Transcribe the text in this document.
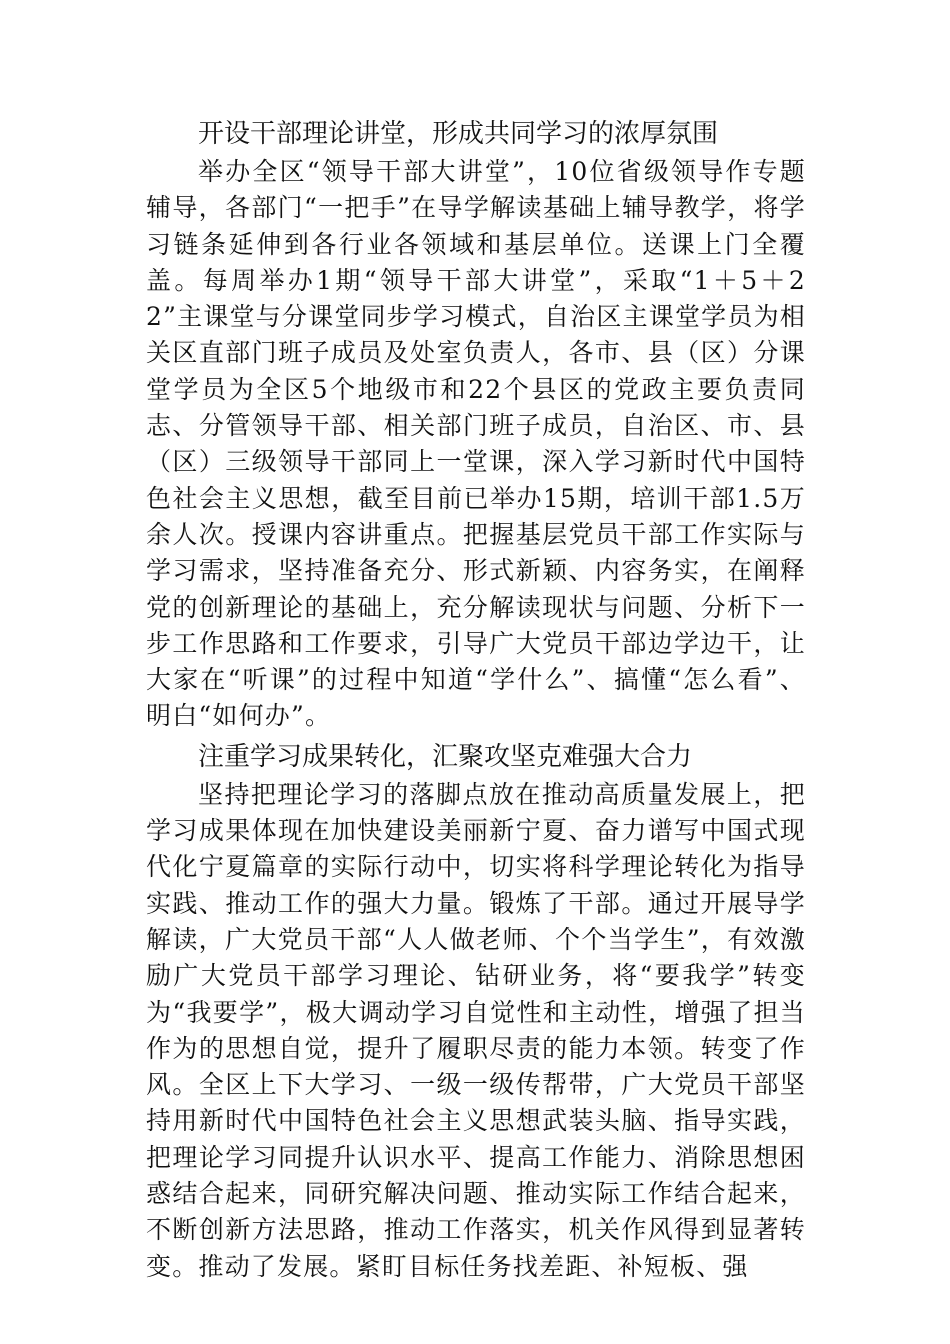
开设干部理论讲堂，形成共同学习的浓厚氛围

举办全区“领导干部大讲堂”，10位省级领导作专题辅导，各部门“一把手”在导学解读基础上辅导教学，将学习链条延伸到各行业各领域和基层单位。送课上门全覆盖。每周举办1期“领导干部大讲堂”，采取“1＋5＋22”主课堂与分课堂同步学习模式，自治区主课堂学员为相关区直部门班子成员及处室负责人，各市、县（区）分课堂学员为全区5个地级市和22个县区的党政主要负责同志、分管领导干部、相关部门班子成员，自治区、市、县（区）三级领导干部同上一堂课，深入学习新时代中国特色社会主义思想，截至目前已举办15期，培训干部1.5万余人次。授课内容讲重点。把握基层党员干部工作实际与学习需求，坚持准备充分、形式新颖、内容务实，在阐释党的创新理论的基础上，充分解读现状与问题、分析下一步工作思路和工作要求，引导广大党员干部边学边干，让大家在“听课”的过程中知道“学什么”、搞懂“怎么看”、明白“如何办”。

注重学习成果转化，汇聚攻坚克难强大合力

坚持把理论学习的落脚点放在推动高质量发展上，把学习成果体现在加快建设美丽新宁夏、奋力谱写中国式现代化宁夏篇章的实际行动中，切实将科学理论转化为指导实践、推动工作的强大力量。锻炼了干部。通过开展导学解读，广大党员干部“人人做老师、个个当学生”，有效激励广大党员干部学习理论、钻研业务，将“要我学”转变为“我要学”，极大调动学习自觉性和主动性，增强了担当作为的思想自觉，提升了履职尽责的能力本领。转变了作风。全区上下大学习、一级一级传帮带，广大党员干部坚持用新时代中国特色社会主义思想武装头脑、指导实践，把理论学习同提升认识水平、提高工作能力、消除思想困惑结合起来，同研究解决问题、推动实际工作结合起来，不断创新方法思路，推动工作落实，机关作风得到显著转变。推动了发展。紧盯目标任务找差距、补短板、强
